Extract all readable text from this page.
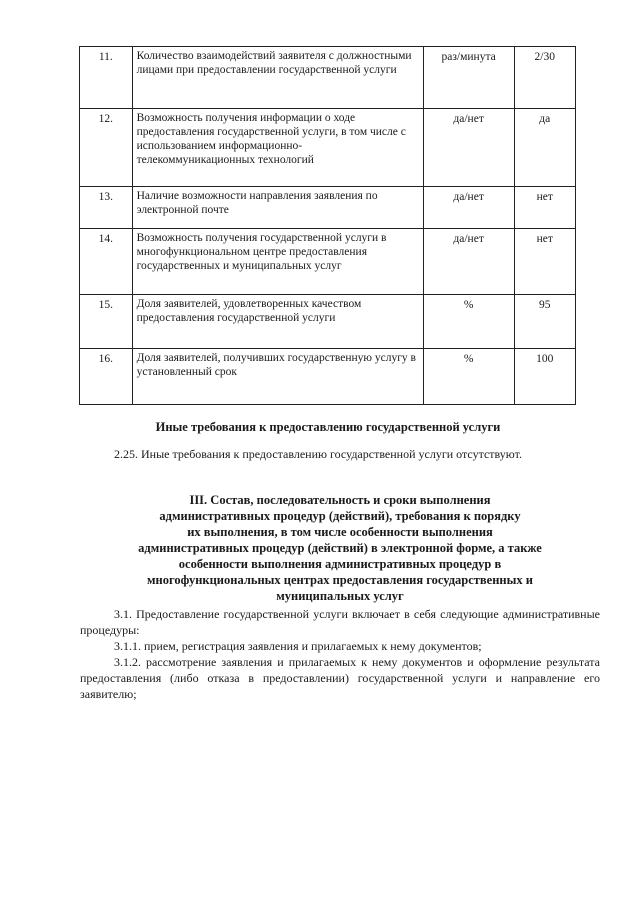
11.	Количество взаимодействий заявителя с должностными лицами при предоставлении государственной услуги	раз/минута	2/30
12.	Возможность получения информации о ходе предоставления государственной услуги, в том числе с использованием информационно-телекоммуникационных технологий	да/нет	да
13.	Наличие возможности направления заявления по электронной почте	да/нет	нет
14.	Возможность получения государственной услуги в многофункциональном центре предоставления государственных и муниципальных услуг	да/нет	нет
15.	Доля заявителей, удовлетворенных качеством предоставления государственной услуги	%	95
16.	Доля заявителей, получивших государственную услугу в установленный срок	%	100
Иные требования к предоставлению государственной услуги
2.25. Иные требования к предоставлению государственной услуги отсутствуют.
III. Состав, последовательность и сроки выполнения
административных процедур (действий), требования к порядку
их выполнения, в том числе особенности выполнения
административных процедур (действий) в электронной форме, а также
особенности выполнения административных процедур в
многофункциональных центрах предоставления государственных и
муниципальных услуг

3.1. Предоставление государственной услуги включает в себя следующие административные процедуры:

3.1.1. прием, регистрация заявления и прилагаемых к нему документов;

3.1.2. рассмотрение заявления и прилагаемых к нему документов и оформление результата предоставления (либо отказа в предоставлении) государственной услуги и направление его заявителю;
